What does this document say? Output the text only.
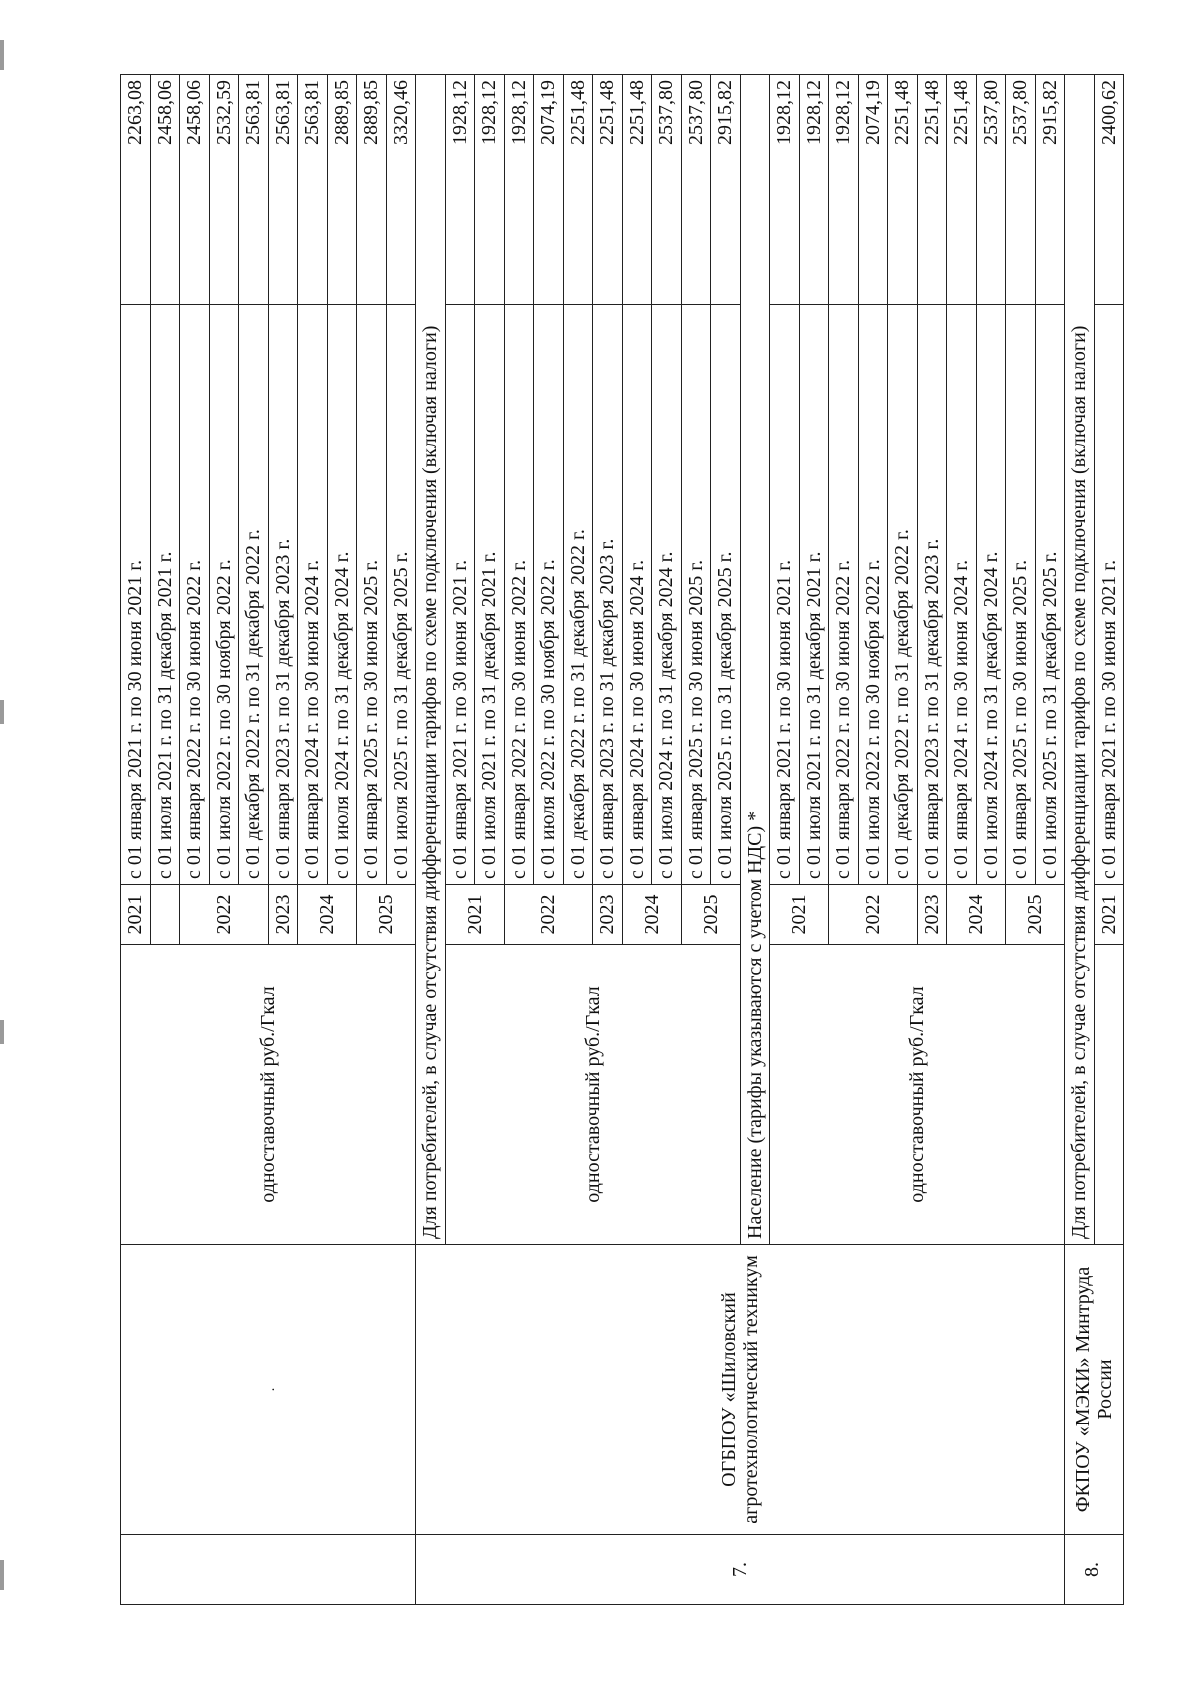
	.	одноставочный руб./Гкал	2021	с 01 января 2021 г. по 30 июня 2021 г.	2263,08
				с 01 июля 2021 г. по 31 декабря 2021 г.	2458,06
			2022	с 01 января 2022 г. по 30 июня 2022 г.	2458,06
				с 01 июля 2022 г. по 30 ноября 2022 г.	2532,59
				с 01 декабря 2022 г. по 31 декабря 2022 г.	2563,81
			2023	с 01 января 2023 г. по 31 декабря 2023 г.	2563,81
			2024	с 01 января 2024 г. по 30 июня 2024 г.	2563,81
				с 01 июля 2024 г. по 31 декабря 2024 г.	2889,85
			2025	с 01 января 2025 г. по 30 июня 2025 г.	2889,85
				с 01 июля 2025 г. по 31 декабря 2025 г.	3320,46
7.	ОГБПОУ «Шиловский агротехнологический техникум	Для потребителей, в случае отсутствия дифференциации тарифов по схеме подключения (включая налоги)			
		одноставочный руб./Гкал	2021	с 01 января 2021 г. по 30 июня 2021 г.	1928,12
				с 01 июля 2021 г. по 31 декабря 2021 г.	1928,12
			2022	с 01 января 2022 г. по 30 июня 2022 г.	1928,12
				с 01 июля 2022 г. по 30 ноября 2022 г.	2074,19
				с 01 декабря 2022 г. по 31 декабря 2022 г.	2251,48
			2023	с 01 января 2023 г. по 31 декабря 2023 г.	2251,48
			2024	с 01 января 2024 г. по 30 июня 2024 г.	2251,48
				с 01 июля 2024 г. по 31 декабря 2024 г.	2537,80
			2025	с 01 января 2025 г. по 30 июня 2025 г.	2537,80
				с 01 июля 2025 г. по 31 декабря 2025 г.	2915,82
		Население (тарифы указываются с учетом НДС) *			
		одноставочный руб./Гкал	2021	с 01 января 2021 г. по 30 июня 2021 г.	1928,12
				с 01 июля 2021 г. по 31 декабря 2021 г.	1928,12
			2022	с 01 января 2022 г. по 30 июня 2022 г.	1928,12
				с 01 июля 2022 г. по 30 ноября 2022 г.	2074,19
				с 01 декабря 2022 г. по 31 декабря 2022 г.	2251,48
			2023	с 01 января 2023 г. по 31 декабря 2023 г.	2251,48
			2024	с 01 января 2024 г. по 30 июня 2024 г.	2251,48
				с 01 июля 2024 г. по 31 декабря 2024 г.	2537,80
			2025	с 01 января 2025 г. по 30 июня 2025 г.	2537,80
				с 01 июля 2025 г. по 31 декабря 2025 г.	2915,82

8.	ФКПОУ «МЭКИ» Минтруда России	Для потребителей, в случае отсутствия дифференциации тарифов по схеме подключения (включая налоги)			
			2021	с 01 января 2021 г. по 30 июня 2021 г.	2400,62
